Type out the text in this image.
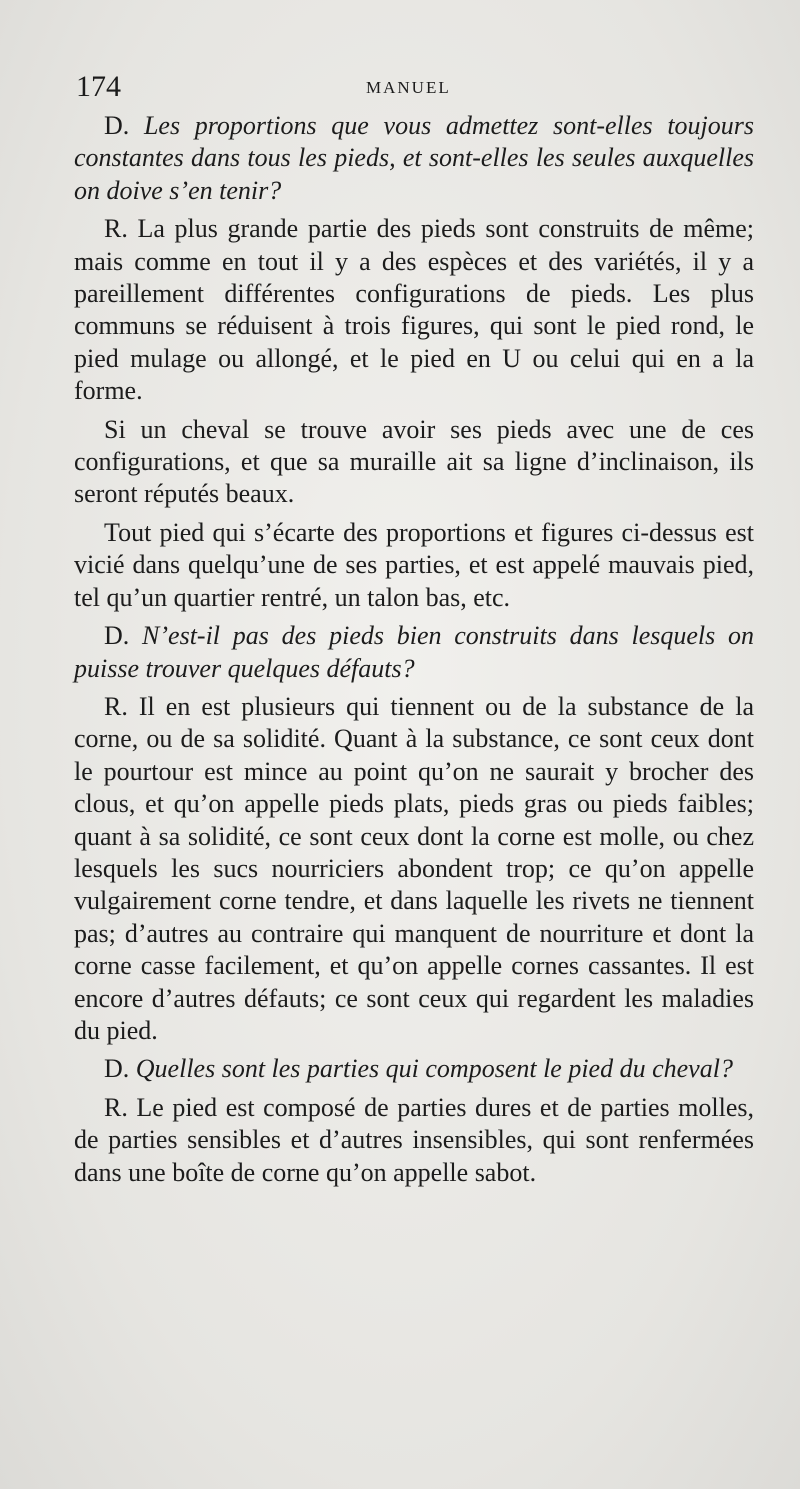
174	MANUEL

D. Les proportions que vous admettez sont-elles toujours constantes dans tous les pieds, et sont-elles les seules auxquelles on doive s’en tenir?

R. La plus grande partie des pieds sont construits de même; mais comme en tout il y a des espèces et des variétés, il y a pareillement différentes configurations de pieds. Les plus communs se réduisent à trois figures, qui sont le pied rond, le pied mulage ou allongé, et le pied en U ou celui qui en a la forme.

Si un cheval se trouve avoir ses pieds avec une de ces configurations, et que sa muraille ait sa ligne d’inclinaison, ils seront réputés beaux.

Tout pied qui s’écarte des proportions et figures ci-dessus est vicié dans quelqu’une de ses parties, et est appelé mauvais pied, tel qu’un quartier rentré, un talon bas, etc.

D. N’est-il pas des pieds bien construits dans lesquels on puisse trouver quelques défauts?

R. Il en est plusieurs qui tiennent ou de la substance de la corne, ou de sa solidité. Quant à la substance, ce sont ceux dont le pourtour est mince au point qu’on ne saurait y brocher des clous, et qu’on appelle pieds plats, pieds gras ou pieds faibles; quant à sa solidité, ce sont ceux dont la corne est molle, ou chez lesquels les sucs nourriciers abondent trop; ce qu’on appelle vulgairement corne tendre, et dans laquelle les rivets ne tiennent pas; d’autres au contraire qui manquent de nourriture et dont la corne casse facilement, et qu’on appelle cornes cassantes. Il est encore d’autres défauts; ce sont ceux qui regardent les maladies du pied.

D. Quelles sont les parties qui composent le pied du cheval?

R. Le pied est composé de parties dures et de parties molles, de parties sensibles et d’autres insensibles, qui sont renfermées dans une boîte de corne qu’on appelle sabot.
